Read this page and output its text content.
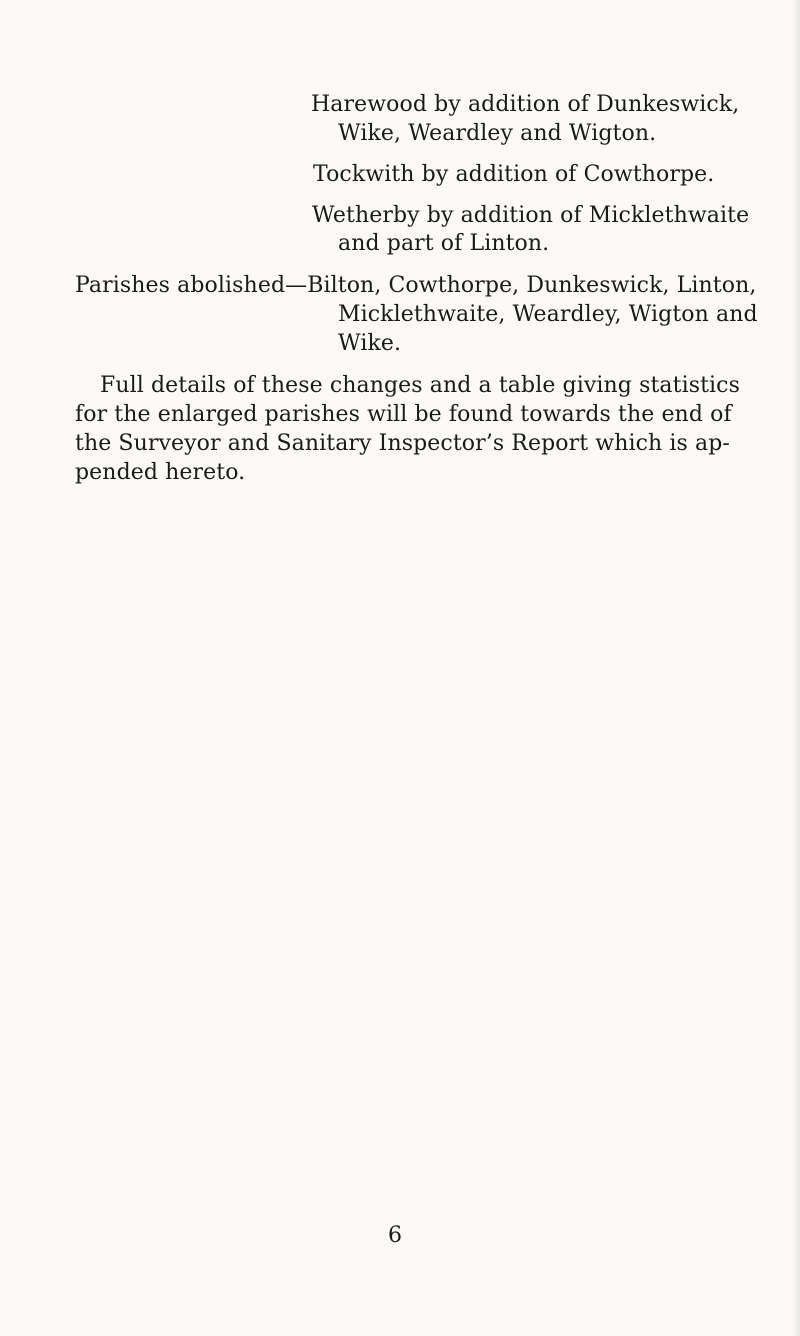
Harewood by addition of Dunkeswick,
Wike, Weardley and Wigton.
Tockwith by addition of Cowthorpe.
Wetherby by addition of Micklethwaite
and part of Linton.
Parishes abolished—Bilton, Cowthorpe, Dunkeswick, Linton,
Micklethwaite, Weardley, Wigton and
Wike.
Full details of these changes and a table giving statistics
for the enlarged parishes will be found towards the end of
the Surveyor and Sanitary Inspector’s Report which is ap-
pended hereto.
6
